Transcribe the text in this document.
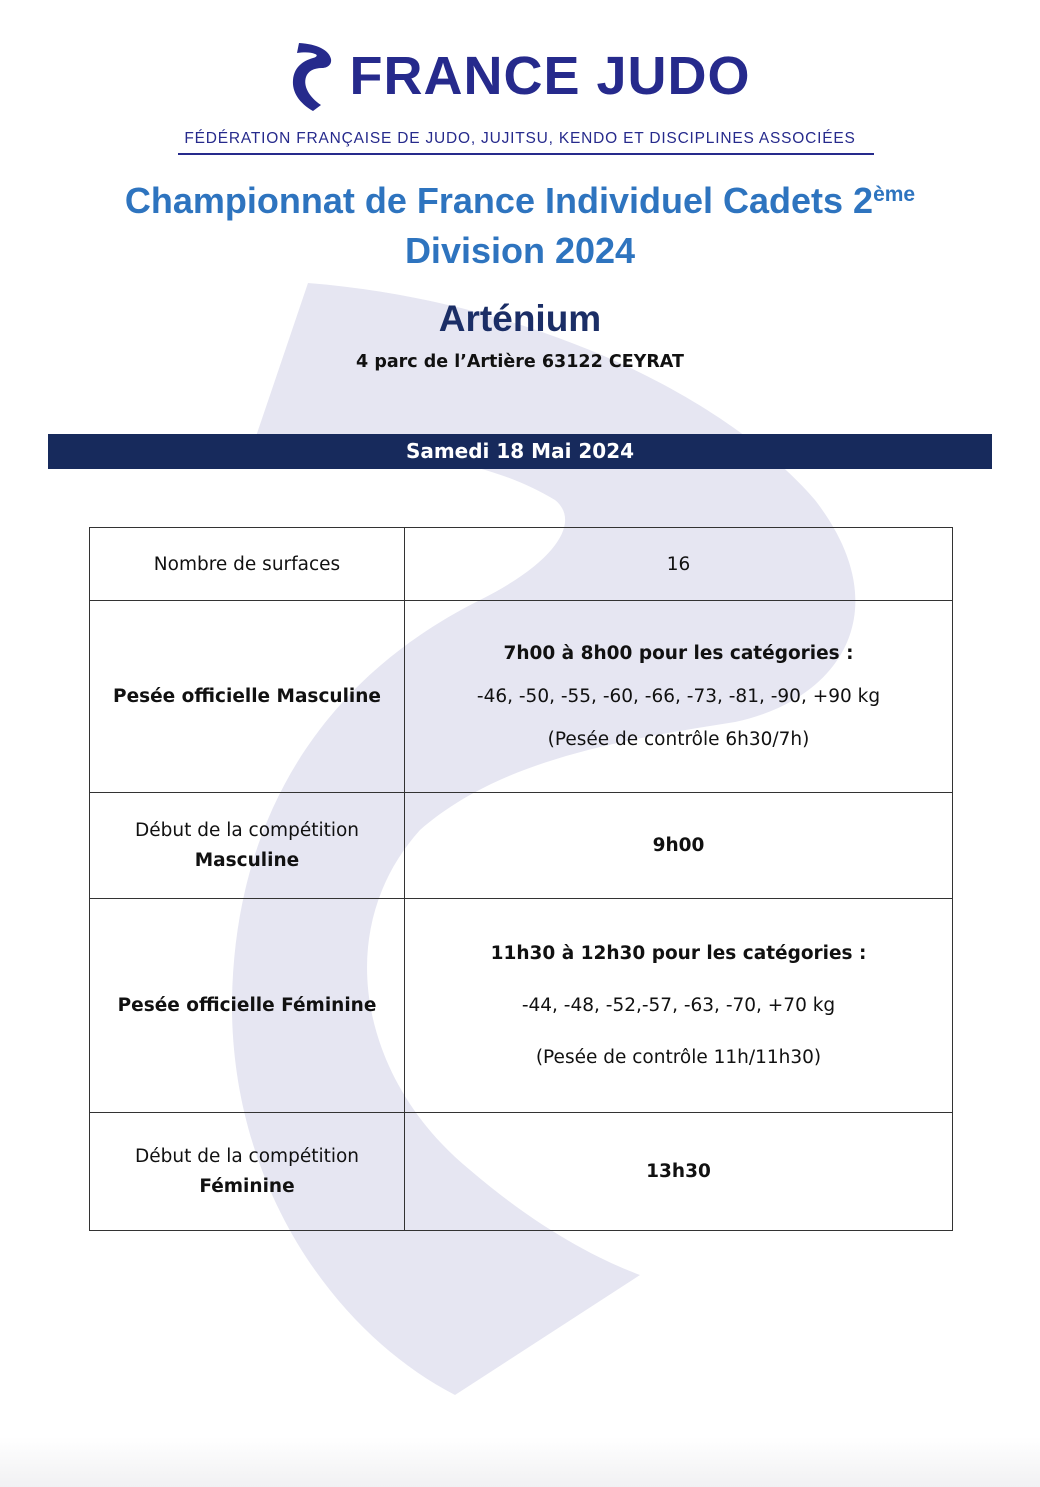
FRANCE JUDO
FÉDÉRATION FRANÇAISE DE JUDO, JUJITSU, KENDO ET DISCIPLINES ASSOCIÉES
Championnat de France Individuel Cadets 2ème
Division 2024
Arténium
4 parc de l’Artière 63122 CEYRAT
Samedi 18 Mai 2024
Nombre de surfaces	16
Pesée officielle Masculine	7h00 à 8h00 pour les catégories :
-46, -50, -55, -60, -66, -73, -81, -90, +90 kg
(Pesée de contrôle 6h30/7h)

Début de la compétition
Masculine	9h00
Pesée officielle Féminine	11h30 à 12h30 pour les catégories :
-44, -48, -52,-57, -63, -70, +70 kg
(Pesée de contrôle 11h/11h30)

Début de la compétition
Féminine	13h30
